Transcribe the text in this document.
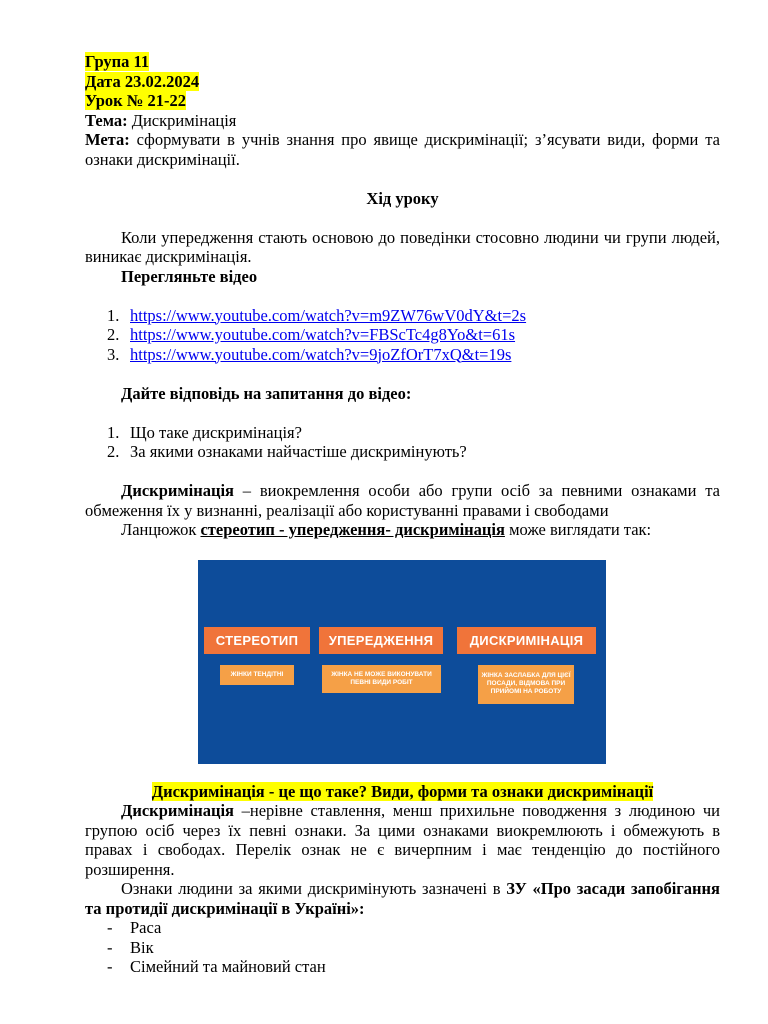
Група 11

Дата 23.02.2024

Урок № 21-22

Тема: Дискримінація

Мета: сформувати в учнів знання про явище дискримінації; з’ясувати види, форми та ознаки дискримінації.

Хід уроку

Коли упередження стають основою до поведінки стосовно людини чи групи людей, виникає дискримінація.

Перегляньте відео

1. https://www.youtube.com/watch?v=m9ZW76wV0dY&t=2s
2. https://www.youtube.com/watch?v=FBScTc4g8Yo&t=61s
3. https://www.youtube.com/watch?v=9joZfOrT7xQ&t=19s

Дайте відповідь на запитання до відео:

1. Що таке дискримінація?
2. За якими ознаками найчастіше дискримінують?

Дискримінація – виокремлення особи або групи осіб за певними ознаками та обмеження їх у визнанні, реалізації або користуванні правами і свободами

Ланцюжок стереотип - упередження- дискримінація може виглядати так:

СТЕРЕОТИП	УПЕРЕДЖЕННЯ	ДИСКРИМІНАЦІЯ
ЖІНКИ ТЕНДІТНІ	ЖІНКА НЕ МОЖЕ ВИКОНУВАТИ ПЕВНІ ВИДИ РОБІТ
ЖІНКА ЗАСЛАБКА ДЛЯ ЦІЄЇ ПОСАДИ, ВІДМОВА ПРИ ПРИЙОМІ НА РОБОТУ

Дискримінація - це що таке? Види, форми та ознаки дискримінації

Дискримінація –нерівне ставлення, менш прихильне поводження з людиною чи групою осіб через їх певні ознаки. За цими ознаками виокремлюють і обмежують в правах і свободах. Перелік ознак не є вичерпним і має тенденцію до постійного розширення.

Ознаки людини за якими дискримінують зазначені в ЗУ «Про засади запобігання та протидії дискримінації в Україні»:

- Раса
- Вік
- Сімейний та майновий стан
